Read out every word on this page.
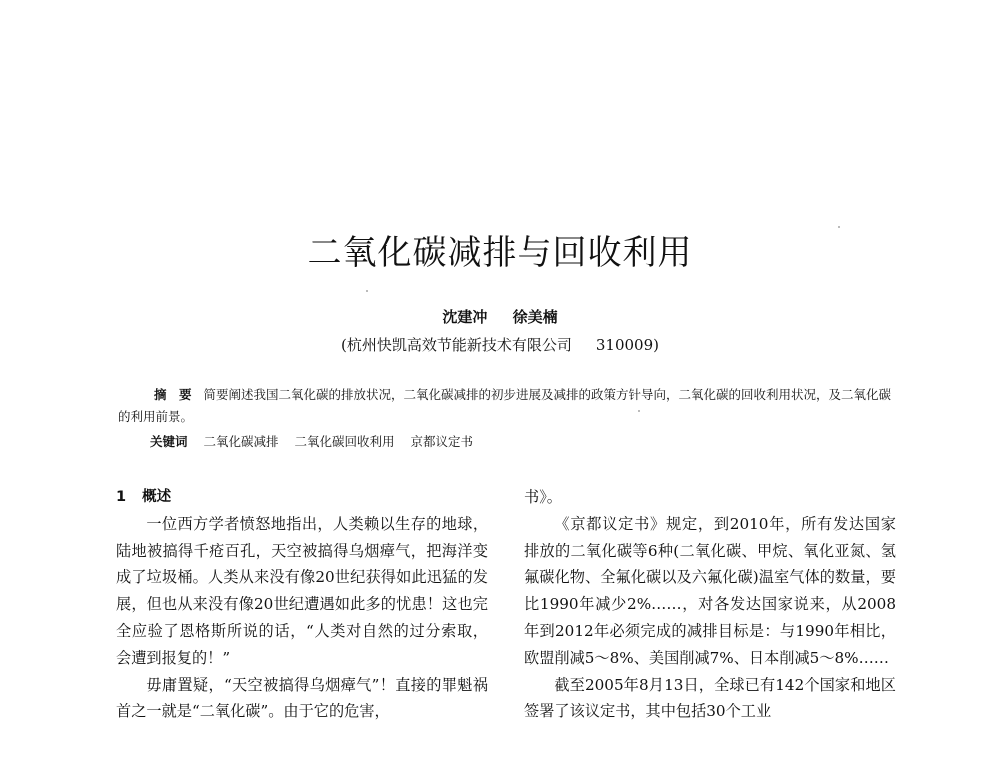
二氧化碳减排与回收利用
沈建冲 徐美楠
(杭州快凯高效节能新技术有限公司 310009)
摘　要 简要阐述我国二氧化碳的排放状况，二氧化碳减排的初步进展及减排的政策方针导向，二氧化碳的回收利用状况，及二氧化碳的利用前景。
关键词 二氧化碳减排 二氧化碳回收利用 京都议定书

1 概述

一位西方学者愤怒地指出，人类赖以生存的地球，陆地被搞得千疮百孔，天空被搞得乌烟瘴气，把海洋变成了垃圾桶。人类从来没有像20世纪获得如此迅猛的发展，但也从来没有像20世纪遭遇如此多的忧患！这也完全应验了恩格斯所说的话，“人类对自然的过分索取，会遭到报复的！”

毋庸置疑，“天空被搞得乌烟瘴气”！直接的罪魁祸首之一就是“二氧化碳”。由于它的危害，

书》。

《京都议定书》规定，到2010年，所有发达国家排放的二氧化碳等6种(二氧化碳、甲烷、氧化亚氮、氢氟碳化物、全氟化碳以及六氟化碳)温室气体的数量，要比1990年减少2%……，对各发达国家说来，从2008年到2012年必须完成的减排目标是：与1990年相比，欧盟削减5～8%、美国削减7%、日本削减5～8%……

截至2005年8月13日，全球已有142个国家和地区签署了该议定书，其中包括30个工业
